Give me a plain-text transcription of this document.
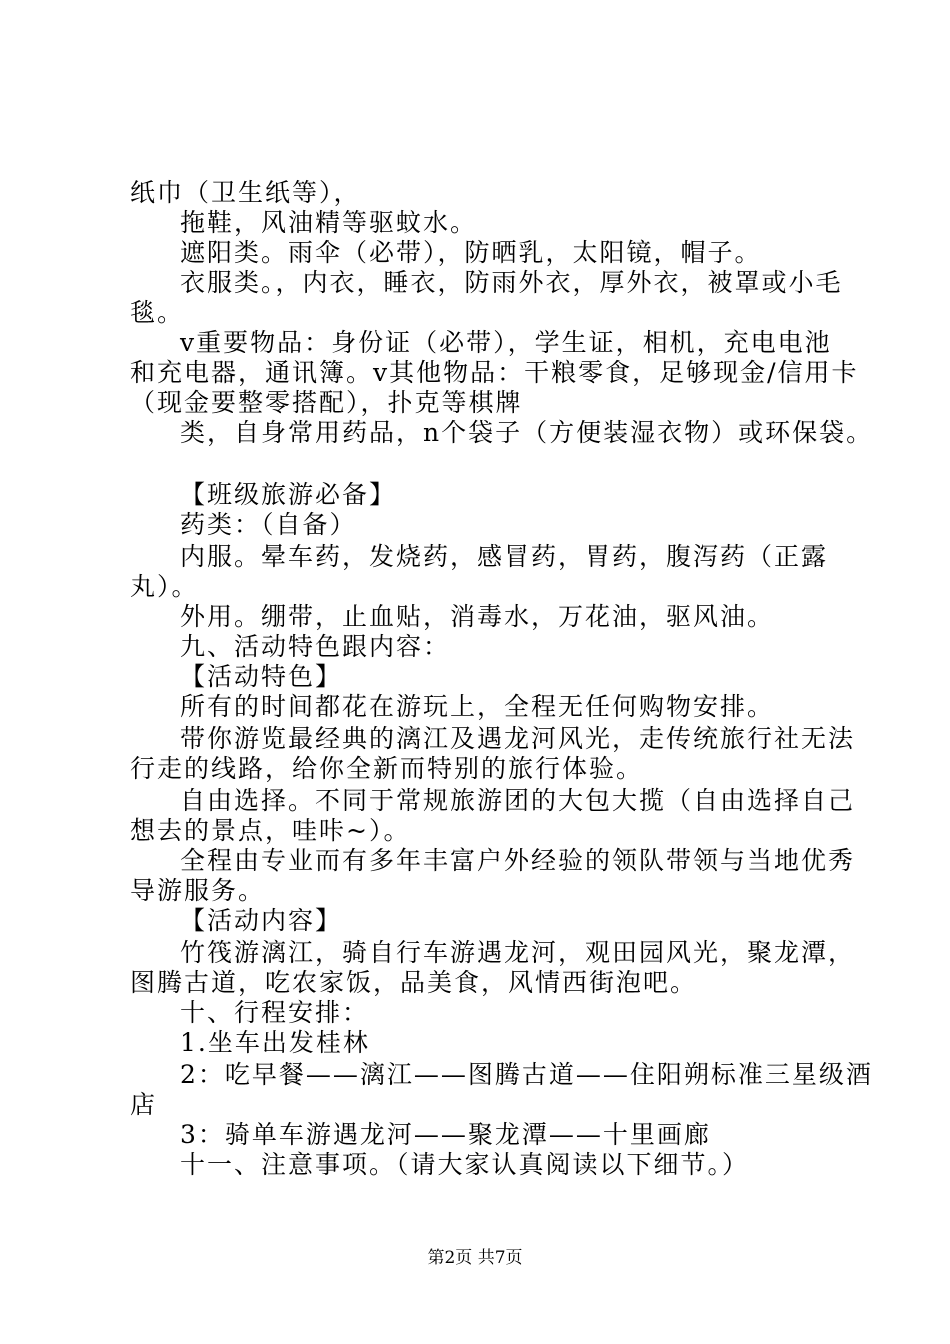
纸巾（卫生纸等），
拖鞋，风油精等驱蚊水。
遮阳类。雨伞（必带），防晒乳，太阳镜，帽子。
衣服类。，内衣，睡衣，防雨外衣，厚外衣，被罩或小毛
毯。
v重要物品：身份证（必带），学生证，相机，充电电池
和充电器，通讯簿。v其他物品：干粮零食，足够现金/信用卡
（现金要整零搭配），扑克等棋牌
类，自身常用药品，n个袋子（方便装湿衣物）或环保袋。
【班级旅游必备】
药类：（自备）
内服。晕车药，发烧药，感冒药，胃药，腹泻药（正露
丸）。
外用。绷带，止血贴，消毒水，万花油，驱风油。
九、活动特色跟内容：
【活动特色】
所有的时间都花在游玩上，全程无任何购物安排。
带你游览最经典的漓江及遇龙河风光，走传统旅行社无法
行走的线路，给你全新而特别的旅行体验。
自由选择。不同于常规旅游团的大包大揽（自由选择自己
想去的景点，哇咔~）。
全程由专业而有多年丰富户外经验的领队带领与当地优秀
导游服务。
【活动内容】
竹筏游漓江，骑自行车游遇龙河，观田园风光，聚龙潭，
图腾古道，吃农家饭，品美食，风情西街泡吧。
十、行程安排：
1.坐车出发桂林
2：吃早餐——漓江——图腾古道——住阳朔标准三星级酒
店
3：骑单车游遇龙河——聚龙潭——十里画廊
十一、注意事项。（请大家认真阅读以下细节。）
第2页 共7页
